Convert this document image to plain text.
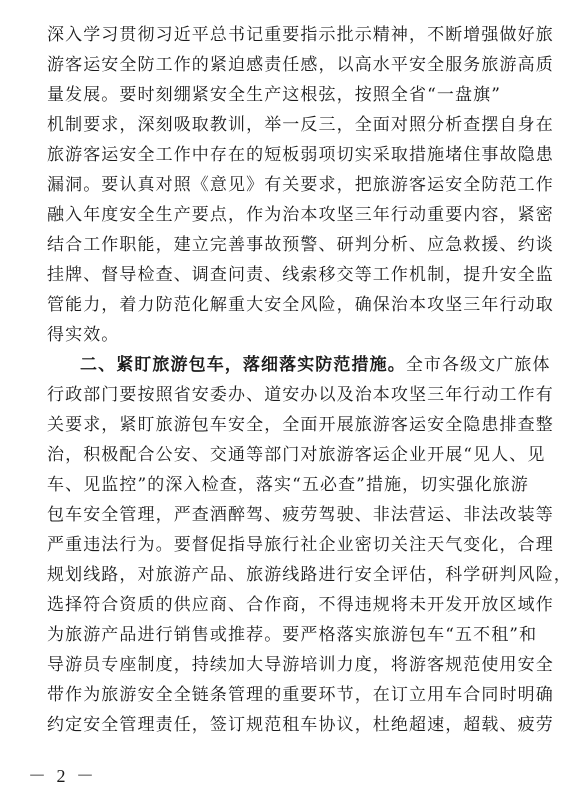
深入学习贯彻习近平总书记重要指示批示精神，不断增强做好旅
游客运安全防工作的紧迫感责任感，以高水平安全服务旅游高质
量发展。要时刻绷紧安全生产这根弦，按照全省“一盘旗”
机制要求，深刻吸取教训，举一反三，全面对照分析查摆自身在
旅游客运安全工作中存在的短板弱项切实采取措施堵住事故隐患
漏洞。要认真对照《意见》有关要求，把旅游客运安全防范工作
融入年度安全生产要点，作为治本攻坚三年行动重要内容，紧密
结合工作职能，建立完善事故预警、研判分析、应急救援、约谈
挂牌、督导检查、调查问责、线索移交等工作机制，提升安全监
管能力，着力防范化解重大安全风险，确保治本攻坚三年行动取
得实效。
二、紧盯旅游包车，落细落实防范措施。全市各级文广旅体
行政部门要按照省安委办、道安办以及治本攻坚三年行动工作有
关要求，紧盯旅游包车安全，全面开展旅游客运安全隐患排查整
治，积极配合公安、交通等部门对旅游客运企业开展“见人、见
车、见监控”的深入检查，落实“五必查”措施，切实强化旅游
包车安全管理，严查酒醉驾、疲劳驾驶、非法营运、非法改装等
严重违法行为。要督促指导旅行社企业密切关注天气变化，合理
规划线路，对旅游产品、旅游线路进行安全评估，科学研判风险，
选择符合资质的供应商、合作商，不得违规将未开发开放区域作
为旅游产品进行销售或推荐。要严格落实旅游包车“五不租”和
导游员专座制度，持续加大导游培训力度，将游客规范使用安全
带作为旅游安全全链条管理的重要环节，在订立用车合同时明确
约定安全管理责任，签订规范租车协议，杜绝超速，超载、疲劳
－ 2 －
